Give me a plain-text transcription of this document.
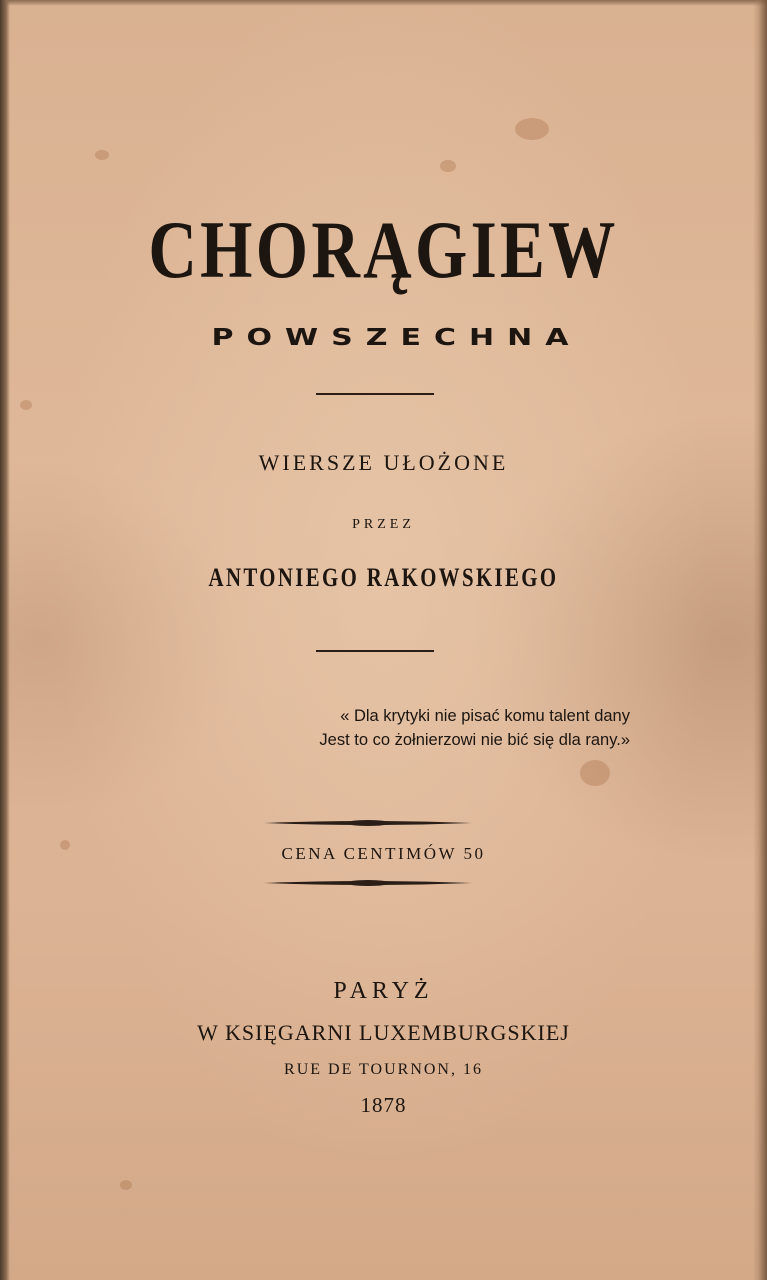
CHORĄGIEW
POWSZECHNA
WIERSZE UŁOŻONE
PRZEZ
ANTONIEGO RAKOWSKIEGO
« Dla krytyki nie pisać komu talent dany
Jest to co żołnierzowi nie bić się dla rany.»
CENA CENTIMÓW 50
PARYŻ
W KSIĘGARNI LUXEMBURGSKIEJ
RUE DE TOURNON, 16
1878
